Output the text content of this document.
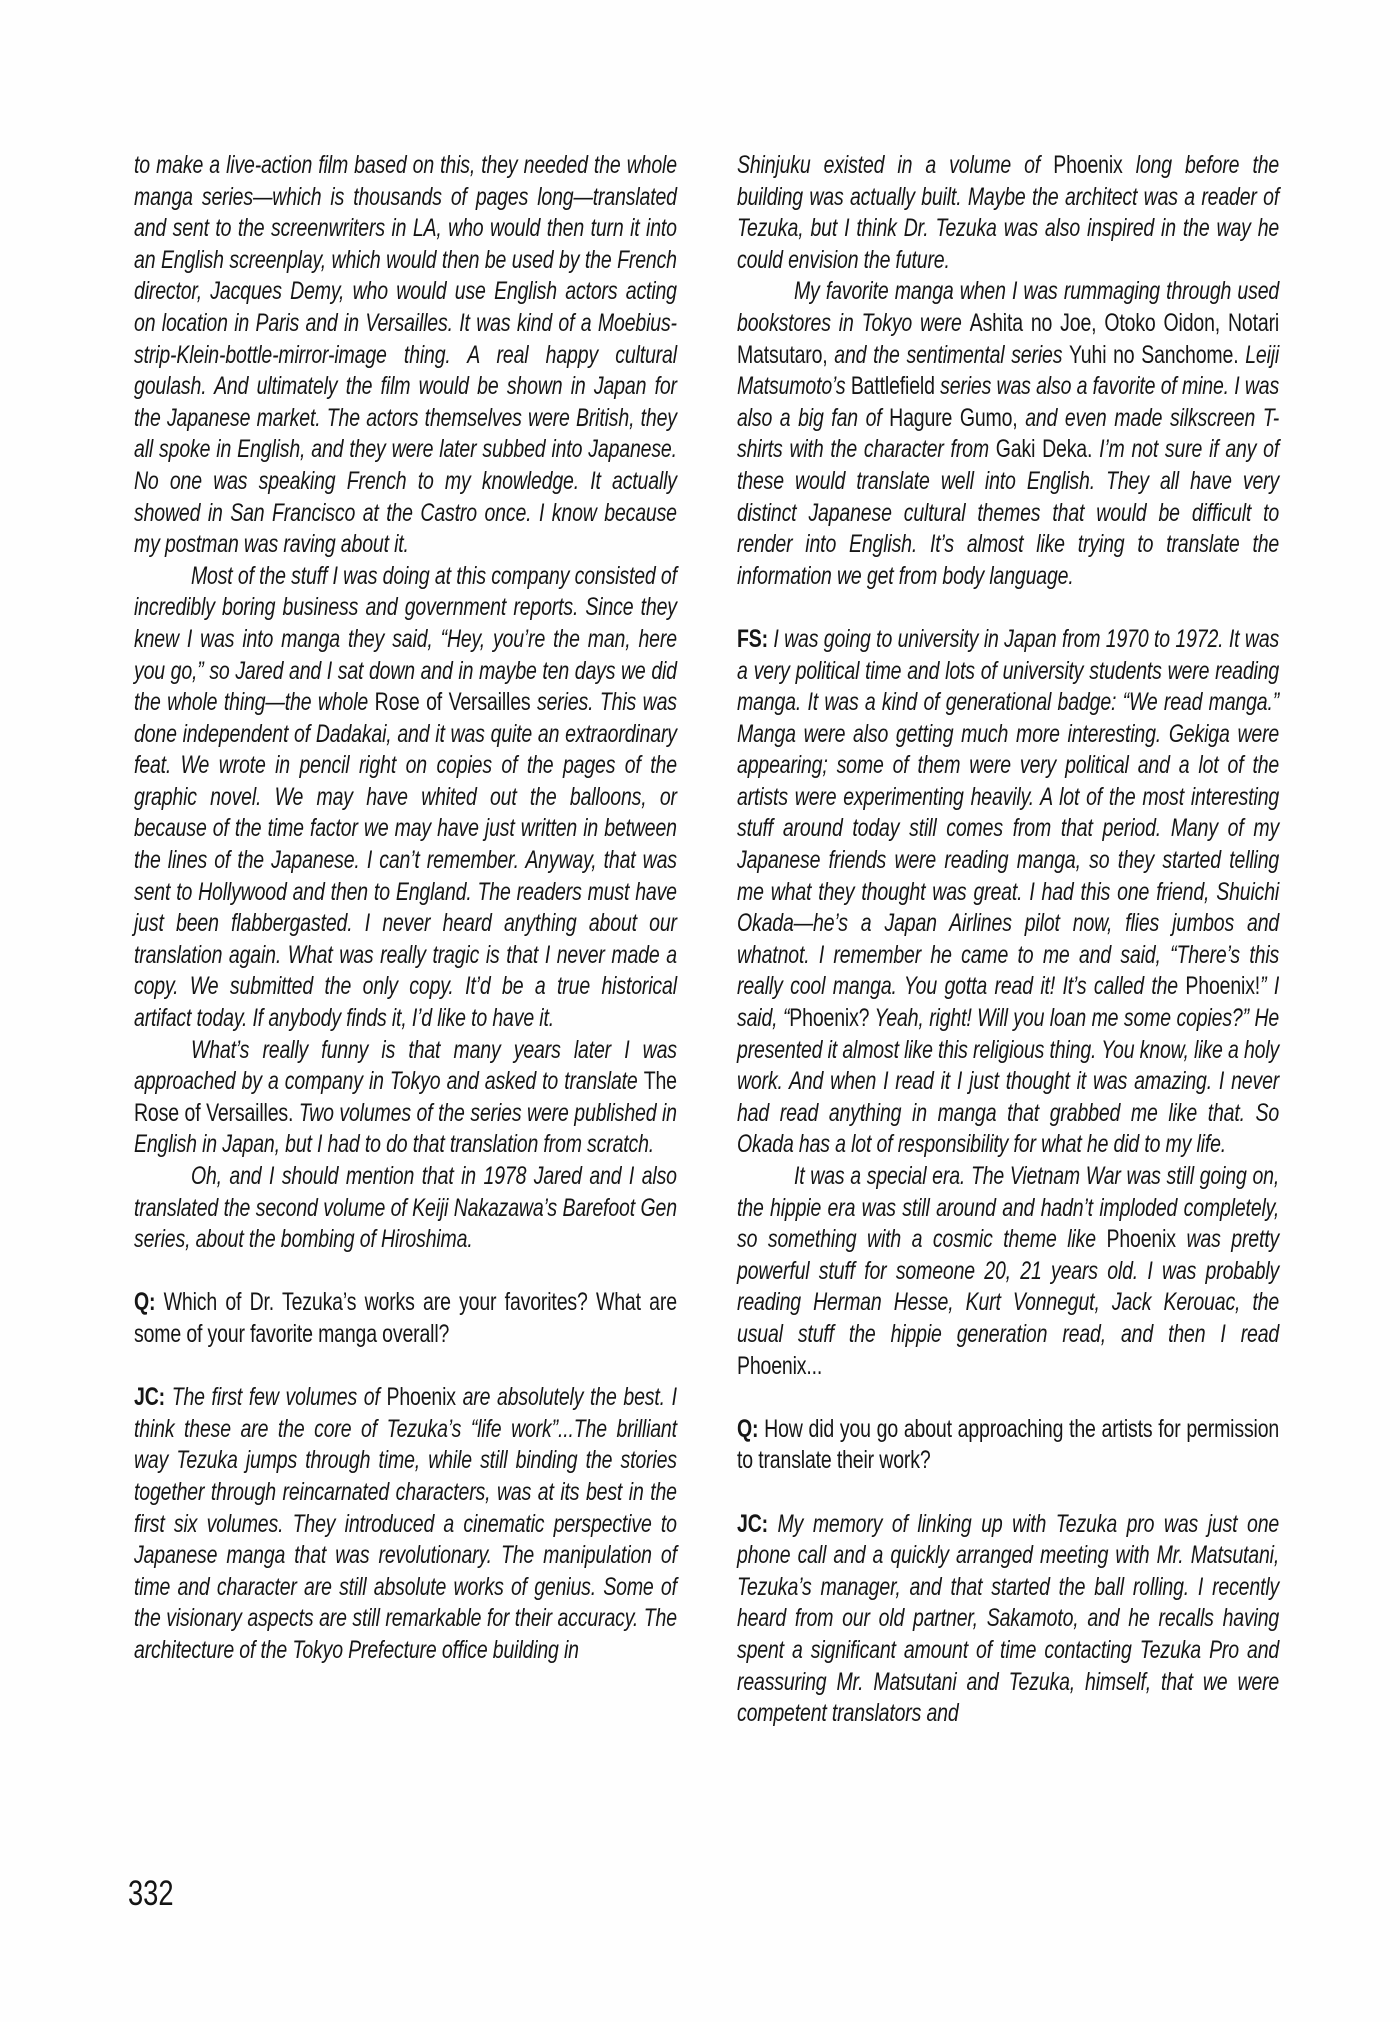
to make a live-action film based on this, they needed the whole manga series—which is thousands of pages long—translated and sent to the screenwriters in LA, who would then turn it into an English screenplay, which would then be used by the French director, Jacques Demy, who would use English actors acting on location in Paris and in Versailles. It was kind of a Moebius-strip-Klein-bottle-mirror-image thing. A real happy cultural goulash. And ultimately the film would be shown in Japan for the Japanese market. The actors themselves were British, they all spoke in English, and they were later subbed into Japanese. No one was speaking French to my knowledge. It actually showed in San Francisco at the Castro once. I know because my postman was raving about it.
Most of the stuff I was doing at this company consisted of incredibly boring business and government reports. Since they knew I was into manga they said, “Hey, you’re the man, here you go,” so Jared and I sat down and in maybe ten days we did the whole thing—the whole Rose of Versailles series. This was done independent of Dadakai, and it was quite an extraordinary feat. We wrote in pencil right on copies of the pages of the graphic novel. We may have whited out the balloons, or because of the time factor we may have just written in between the lines of the Japanese. I can’t remember. Anyway, that was sent to Hollywood and then to England. The readers must have just been flabbergasted. I never heard anything about our translation again. What was really tragic is that I never made a copy. We submitted the only copy. It’d be a true historical artifact today. If anybody finds it, I’d like to have it.
What’s really funny is that many years later I was approached by a company in Tokyo and asked to translate The Rose of Versailles. Two volumes of the series were published in English in Japan, but I had to do that translation from scratch.
Oh, and I should mention that in 1978 Jared and I also translated the second volume of Keiji Nakazawa’s Barefoot Gen series, about the bombing of Hiroshima.
Q: Which of Dr. Tezuka’s works are your favorites? What are some of your favorite manga overall?
JC: The first few volumes of Phoenix are absolutely the best. I think these are the core of Tezuka’s “life work”...The brilliant way Tezuka jumps through time, while still binding the stories together through reincarnated characters, was at its best in the first six volumes. They introduced a cinematic perspective to Japanese manga that was revolutionary. The manipulation of time and character are still absolute works of genius. Some of the visionary aspects are still remarkable for their accuracy. The architecture of the Tokyo Prefecture office building in
Shinjuku existed in a volume of Phoenix long before the building was actually built. Maybe the architect was a reader of Tezuka, but I think Dr. Tezuka was also inspired in the way he could envision the future.
My favorite manga when I was rummaging through used bookstores in Tokyo were Ashita no Joe, Otoko Oidon, Notari Matsutaro, and the sentimental series Yuhi no Sanchome. Leiji Matsumoto’s Battlefield series was also a favorite of mine. I was also a big fan of Hagure Gumo, and even made silkscreen T-shirts with the character from Gaki Deka. I’m not sure if any of these would translate well into English. They all have very distinct Japanese cultural themes that would be difficult to render into English. It’s almost like trying to translate the information we get from body language.
FS: I was going to university in Japan from 1970 to 1972. It was a very political time and lots of university students were reading manga. It was a kind of generational badge: “We read manga.” Manga were also getting much more interesting. Gekiga were appearing; some of them were very political and a lot of the artists were experimenting heavily. A lot of the most interesting stuff around today still comes from that period. Many of my Japanese friends were reading manga, so they started telling me what they thought was great. I had this one friend, Shuichi Okada—he’s a Japan Airlines pilot now, flies jumbos and whatnot. I remember he came to me and said, “There’s this really cool manga. You gotta read it! It’s called the Phoenix!” I said, “Phoenix? Yeah, right! Will you loan me some copies?” He presented it almost like this religious thing. You know, like a holy work. And when I read it I just thought it was amazing. I never had read anything in manga that grabbed me like that. So Okada has a lot of responsibility for what he did to my life.
It was a special era. The Vietnam War was still going on, the hippie era was still around and hadn’t imploded completely, so something with a cosmic theme like Phoenix was pretty powerful stuff for someone 20, 21 years old. I was probably reading Herman Hesse, Kurt Vonnegut, Jack Kerouac, the usual stuff the hippie generation read, and then I read Phoenix...
Q: How did you go about approaching the artists for permission to translate their work?
JC: My memory of linking up with Tezuka pro was just one phone call and a quickly arranged meeting with Mr. Matsutani, Tezuka’s manager, and that started the ball rolling. I recently heard from our old partner, Sakamoto, and he recalls having spent a significant amount of time contacting Tezuka Pro and reassuring Mr. Matsutani and Tezuka, himself, that we were competent translators and
332
